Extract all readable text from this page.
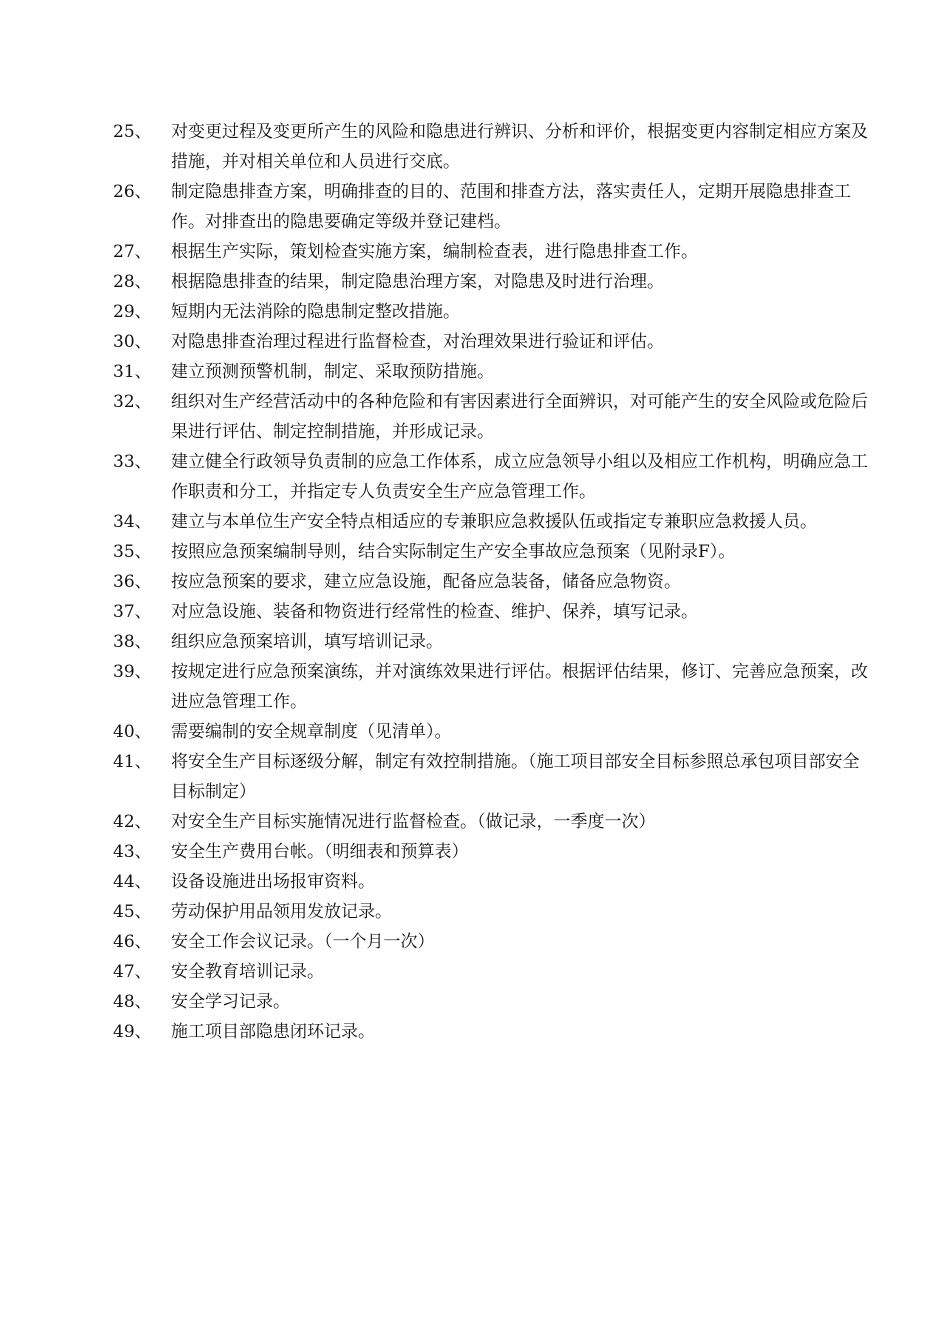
25、	对变更过程及变更所产生的风险和隐患进行辨识、分析和评价，根据变更内容制定相应方案及措施，并对相关单位和人员进行交底。
26、	制定隐患排查方案，明确排查的目的、范围和排查方法，落实责任人，定期开展隐患排查工作。对排查出的隐患要确定等级并登记建档。
27、	根据生产实际，策划检查实施方案，编制检查表，进行隐患排查工作。
28、	根据隐患排查的结果，制定隐患治理方案，对隐患及时进行治理。
29、	短期内无法消除的隐患制定整改措施。
30、	对隐患排查治理过程进行监督检查，对治理效果进行验证和评估。
31、	建立预测预警机制，制定、采取预防措施。
32、	组织对生产经营活动中的各种危险和有害因素进行全面辨识，对可能产生的安全风险或危险后果进行评估、制定控制措施，并形成记录。
33、	建立健全行政领导负责制的应急工作体系，成立应急领导小组以及相应工作机构，明确应急工作职责和分工，并指定专人负责安全生产应急管理工作。
34、	建立与本单位生产安全特点相适应的专兼职应急救援队伍或指定专兼职应急救援人员。
35、	按照应急预案编制导则，结合实际制定生产安全事故应急预案（见附录F）。
36、	按应急预案的要求，建立应急设施，配备应急装备，储备应急物资。
37、	对应急设施、装备和物资进行经常性的检查、维护、保养，填写记录。
38、	组织应急预案培训，填写培训记录。
39、	按规定进行应急预案演练，并对演练效果进行评估。根据评估结果，修订、完善应急预案，改进应急管理工作。
40、	需要编制的安全规章制度（见清单）。
41、	将安全生产目标逐级分解，制定有效控制措施。（施工项目部安全目标参照总承包项目部安全目标制定）
42、	对安全生产目标实施情况进行监督检查。（做记录，一季度一次）
43、	安全生产费用台帐。（明细表和预算表）
44、	设备设施进出场报审资料。
45、	劳动保护用品领用发放记录。
46、	安全工作会议记录。（一个月一次）
47、	安全教育培训记录。
48、	安全学习记录。
49、	施工项目部隐患闭环记录。
